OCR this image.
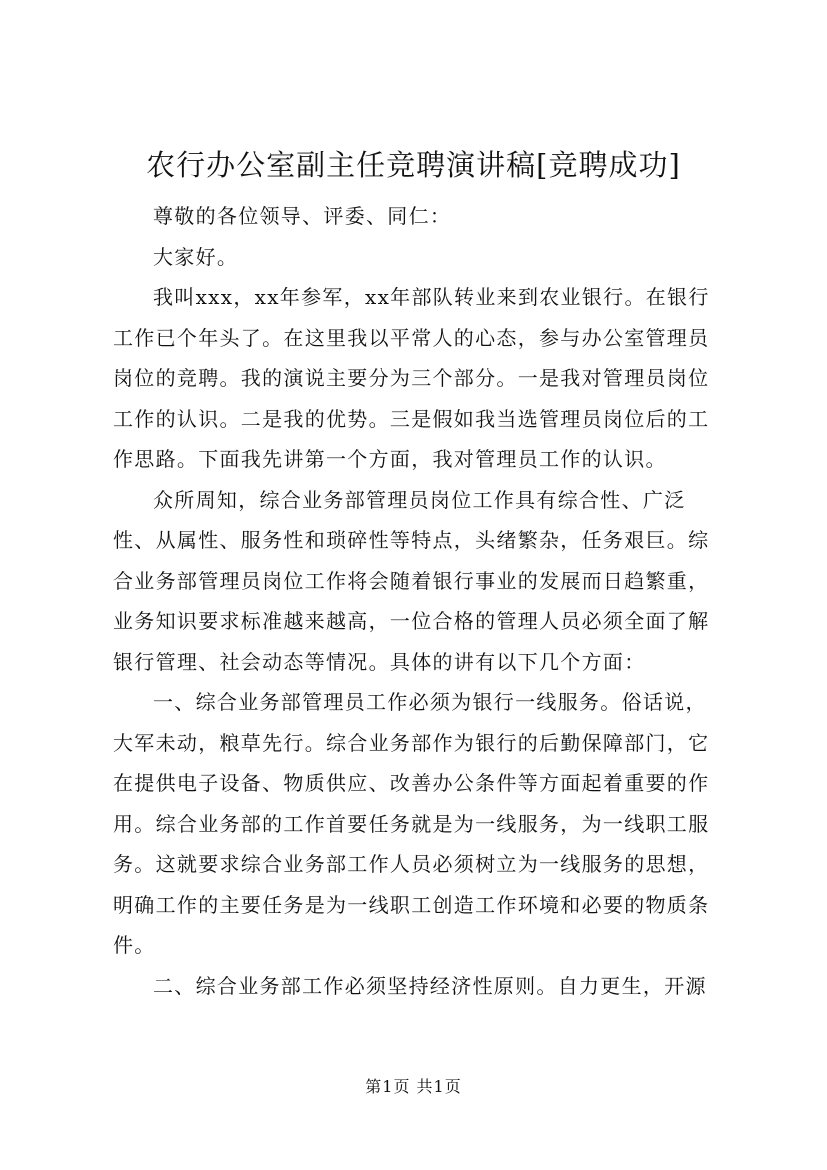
农行办公室副主任竞聘演讲稿[竞聘成功]

尊敬的各位领导、评委、同仁：

大家好。

我叫xxx，xx年参军，xx年部队转业来到农业银行。在银行工作已个年头了。在这里我以平常人的心态，参与办公室管理员岗位的竞聘。我的演说主要分为三个部分。一是我对管理员岗位工作的认识。二是我的优势。三是假如我当选管理员岗位后的工作思路。下面我先讲第一个方面，我对管理员工作的认识。

众所周知，综合业务部管理员岗位工作具有综合性、广泛性、从属性、服务性和琐碎性等特点，头绪繁杂，任务艰巨。综合业务部管理员岗位工作将会随着银行事业的发展而日趋繁重，业务知识要求标准越来越高，一位合格的管理人员必须全面了解银行管理、社会动态等情况。具体的讲有以下几个方面：

一、综合业务部管理员工作必须为银行一线服务。俗话说，大军未动，粮草先行。综合业务部作为银行的后勤保障部门，它在提供电子设备、物质供应、改善办公条件等方面起着重要的作用。综合业务部的工作首要任务就是为一线服务，为一线职工服务。这就要求综合业务部工作人员必须树立为一线服务的思想，明确工作的主要任务是为一线职工创造工作环境和必要的物质条件。

二、综合业务部工作必须坚持经济性原则。自力更生，开源

第1页 共1页
